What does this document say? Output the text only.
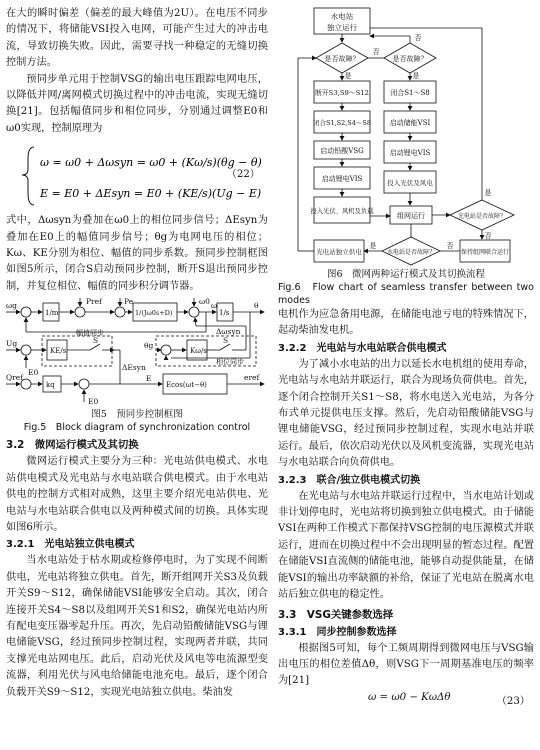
在大的瞬时偏差（偏差的最大峰值为2U）。在电压不同步的情况下，将储能VSI投入电网，可能产生过大的冲击电流，导致切换失败。因此，需要寻找一种稳定的无缝切换控制方法。

预同步单元用于控制VSG的输出电压跟踪电网电压，以降低并网/离网模式切换过程中的冲击电流，实现无缝切换[21]。包括幅值同步和相位同步，分别通过调整E0和ω0实现，控制原理为

ω = ω0 + Δωsyn = ω0 + (Kω/s)(θg − θ)
E = E0 + ΔEsyn = E0 + (KE/s)(Ug − E)
（22）

式中，Δωsyn为叠加在ω0上的相位同步信号；ΔEsyn为叠加在E0上的幅值同步信号；θg为电网电压的相位；Kω、KE分别为相位、幅值的同步系数。预同步控制框图如图5所示，闭合S启动预同步控制，断开S退出预同步控制，并复位相位、幅值的同步积分调节器。

ωg	Pref	Pe	ω0
1/m	1/(Jω0s+D)	1/s
θ
ω
θg
Δωsyn
Ug
E0
KE/s	Kω/s
S	S
幅值同步
相位同步
ΔEsyn
Qref
kq
E
Ecos(ωt−θ)
eref
E0

图5　预同步控制框图

Fig.5　Block diagram of synchronization control

3.2　微网运行模式及其切换

微网运行模式主要分为三种：光电站供电模式、水电站供电模式及光电站与水电站联合供电模式。由于水电站供电的控制方式相对成熟，这里主要介绍光电站供电、光电站与水电站联合供电以及两种模式间的切换。具体实现如图6所示。

3.2.1　光电站独立供电模式

当水电站处于枯水期或检修停电时，为了实现不间断供电，光电站将独立供电。首先，断开组网开关S3及负载开关S9～S12，确保储能VSI能够安全启动。其次，闭合连接开关S4～S8以及组网开关S1和S2，确保光电站内所有配电变压器零起升压。再次，先启动铅酸储能VSG与锂电储能VSG，经过预同步控制过程，实现两者并联，共同支撑光电站网电压。此后，启动光伏及风电等电流源型变流器，利用光伏与风电给储能电池充电。最后，逐个闭合负载开关S9～S12，实现光电站独立供电。柴油发

水电站
独立运行
是否故障？	是否故障？
否
否
是	是
断开S3,S9～S12
闭合S1,S2,S4～S8
启动铅酸VSG
启动锂电VIS
投入光伏、风机及负载
闭合S1～S8
启动储能VSI
启动锂电VIS
投入光伏及风电
组网运行	光电站是否故障？
是
否
光电站独立供电	水电站是否故障？	保持组网联合运行
是	否

图6　微网两种运行模式及其切换流程

Fig.6　Flow chart of seamless transfer between two modes

电机作为应急备用电源，在储能电池亏电的特殊情况下，起动柴油发电机。

3.2.2　光电站与水电站联合供电模式

为了减小水电站的出力以延长水电机组的使用寿命，光电站与水电站并联运行，联合为现场负荷供电。首先，逐个闭合控制开关S1～S8，将水电送入光电站，为各分布式单元提供电压支撑。然后，先启动铅酸储能VSG与锂电储能VSG，经过预同步控制过程，实现水电站并联运行。最后，依次启动光伏以及风机变流器，实现光电站与水电站联合向负荷供电。

3.2.3　联合/独立供电模式切换

在光电站与水电站并联运行过程中，当水电站计划或非计划停电时，光电站将切换到独立供电模式。由于储能VSI在两种工作模式下都保持VSG控制的电压源模式并联运行，进而在切换过程中不会出现明显的暂态过程。配置在储能VSI直流侧的储能电池，能够自动提供能量，在储能VSI的输出功率缺额的补给，保证了光电站在脱离水电站后独立供电的稳定性。

3.3　VSG关键参数选择

3.3.1　同步控制参数选择

根据图5可知，每个工频周期得到微网电压与VSG输出电压的相位差值Δθ，则VSG下一周期基准电压的频率为[21]

ω = ω0 − KωΔθ	（23）
